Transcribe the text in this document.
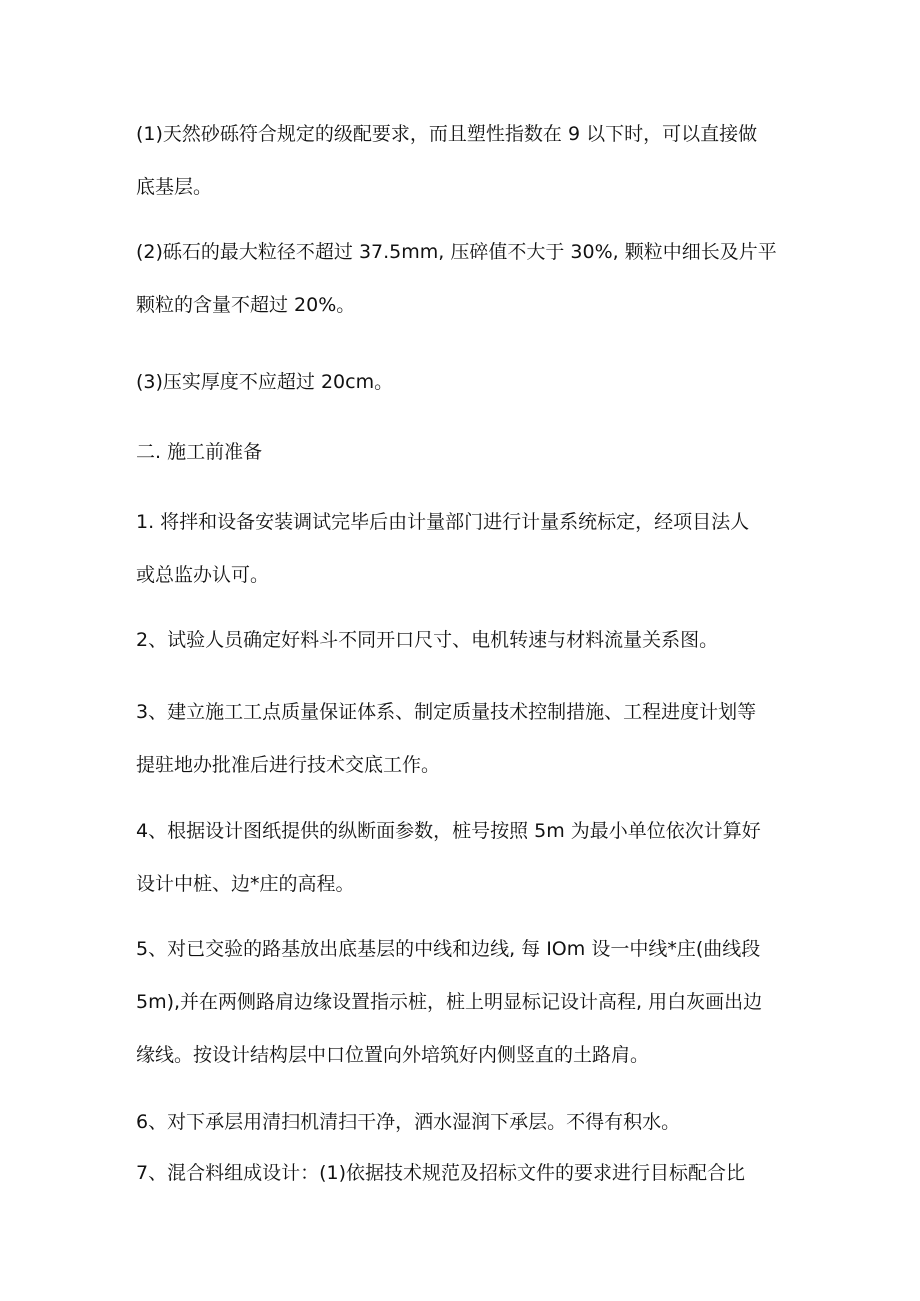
(1)天然砂砾符合规定的级配要求，而且塑性指数在 9 以下时，可以直接做
底基层。

(2)砾石的最大粒径不超过 37.5mm, 压碎值不大于 30%, 颗粒中细长及片平
颗粒的含量不超过 20%。

(3)压实厚度不应超过 20cm。

二. 施工前准备

1. 将拌和设备安装调试完毕后由计量部门进行计量系统标定，经项目法人
或总监办认可。

2、试验人员确定好料斗不同开口尺寸、电机转速与材料流量关系图。

3、建立施工工点质量保证体系、制定质量技术控制措施、工程进度计划等
提驻地办批准后进行技术交底工作。

4、根据设计图纸提供的纵断面参数，桩号按照 5m 为最小单位依次计算好
设计中桩、边*庄的高程。

5、对已交验的路基放出底基层的中线和边线, 每 IOm 设一中线*庄(曲线段
5m),并在两侧路肩边缘设置指示桩，桩上明显标记设计高程, 用白灰画出边
缘线。按设计结构层中口位置向外培筑好内侧竖直的土路肩。

6、对下承层用清扫机清扫干净，洒水湿润下承层。不得有积水。

7、混合料组成设计：(1)依据技术规范及招标文件的要求进行目标配合比
